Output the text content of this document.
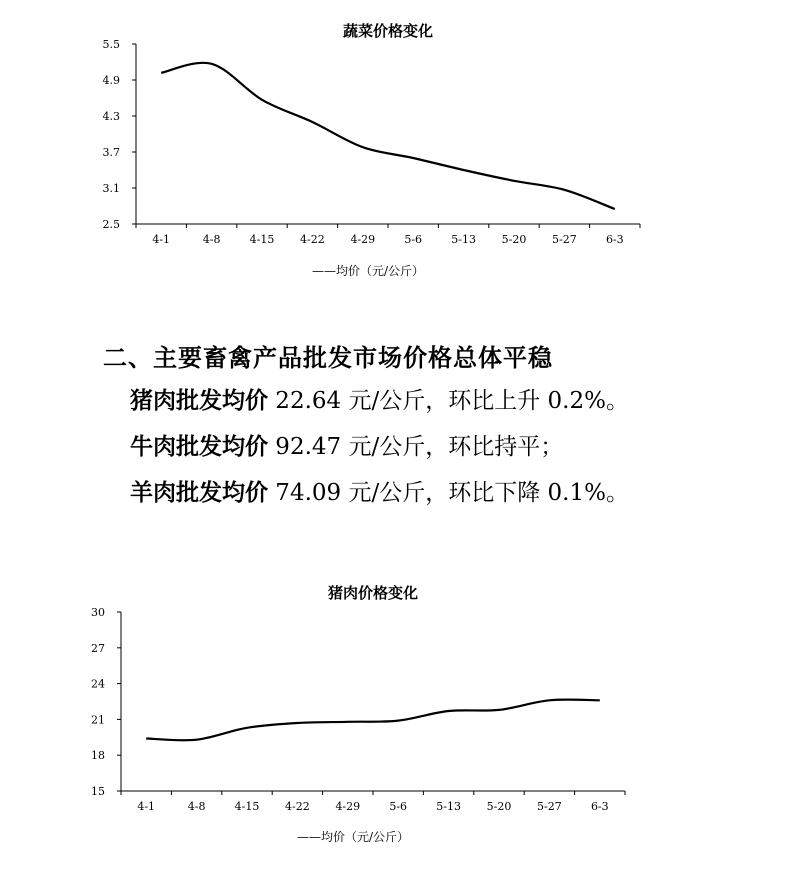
蔬菜价格变化
5.5
4.9
4.3
3.7
3.1
2.5
4-1	4-8	4-15 4-22 4-29	5-6	5-13 5-20 5-27	6-3
——均价（元/公斤）
二、主要畜禽产品批发市场价格总体平稳

猪肉批发均价 22.64 元/公斤，环比上升 0.2%。

牛肉批发均价 92.47 元/公斤，环比持平；

羊肉批发均价 74.09 元/公斤，环比下降 0.1%。

猪肉价格变化
30
27
24
21
18
15
4-1	4-8	4-15 4-22 4-29	5-6	5-13 5-20 5-27	6-3
——均价（元/公斤）
